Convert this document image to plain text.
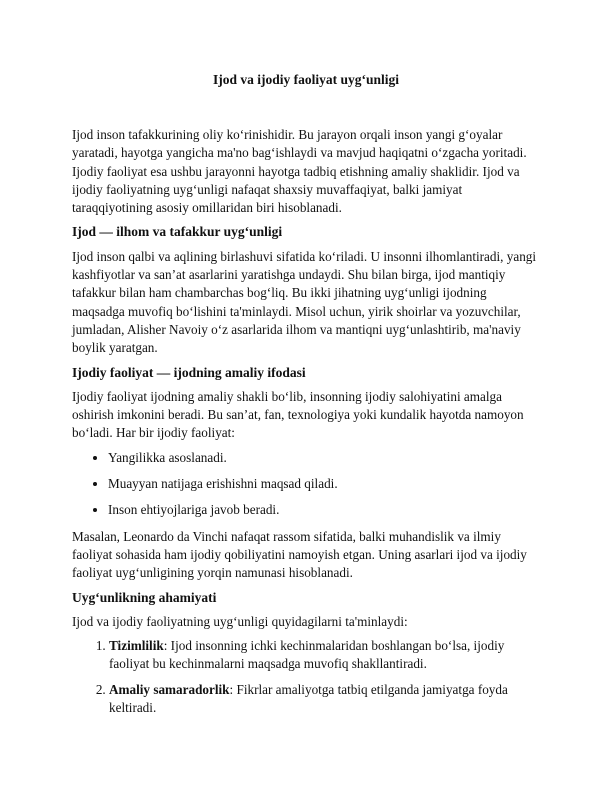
Ijod va ijodiy faoliyat uyg‘unligi

Ijod inson tafakkurining oliy ko‘rinishidir. Bu jarayon orqali inson yangi g‘oyalar yaratadi, hayotga yangicha ma'no bag‘ishlaydi va mavjud haqiqatni o‘zgacha yoritadi. Ijodiy faoliyat esa ushbu jarayonni hayotga tadbiq etishning amaliy shaklidir. Ijod va ijodiy faoliyatning uyg‘unligi nafaqat shaxsiy muvaffaqiyat, balki jamiyat taraqqiyotining asosiy omillaridan biri hisoblanadi.

Ijod — ilhom va tafakkur uyg‘unligi

Ijod inson qalbi va aqlining birlashuvi sifatida ko‘riladi. U insonni ilhomlantiradi, yangi kashfiyotlar va san’at asarlarini yaratishga undaydi. Shu bilan birga, ijod mantiqiy tafakkur bilan ham chambarchas bog‘liq. Bu ikki jihatning uyg‘unligi ijodning maqsadga muvofiq bo‘lishini ta'minlaydi. Misol uchun, yirik shoirlar va yozuvchilar, jumladan, Alisher Navoiy o‘z asarlarida ilhom va mantiqni uyg‘unlashtirib, ma'naviy boylik yaratgan.

Ijodiy faoliyat — ijodning amaliy ifodasi

Ijodiy faoliyat ijodning amaliy shakli bo‘lib, insonning ijodiy salohiyatini amalga oshirish imkonini beradi. Bu san’at, fan, texnologiya yoki kundalik hayotda namoyon bo‘ladi. Har bir ijodiy faoliyat:

• Yangilikka asoslanadi.
• Muayyan natijaga erishishni maqsad qiladi.
• Inson ehtiyojlariga javob beradi.

Masalan, Leonardo da Vinchi nafaqat rassom sifatida, balki muhandislik va ilmiy faoliyat sohasida ham ijodiy qobiliyatini namoyish etgan. Uning asarlari ijod va ijodiy faoliyat uyg‘unligining yorqin namunasi hisoblanadi.

Uyg‘unlikning ahamiyati

Ijod va ijodiy faoliyatning uyg‘unligi quyidagilarni ta'minlaydi:

1. Tizimlilik: Ijod insonning ichki kechinmalaridan boshlangan bo‘lsa, ijodiy faoliyat bu kechinmalarni maqsadga muvofiq shakllantiradi.
2. Amaliy samaradorlik: Fikrlar amaliyotga tatbiq etilganda jamiyatga foyda keltiradi.
